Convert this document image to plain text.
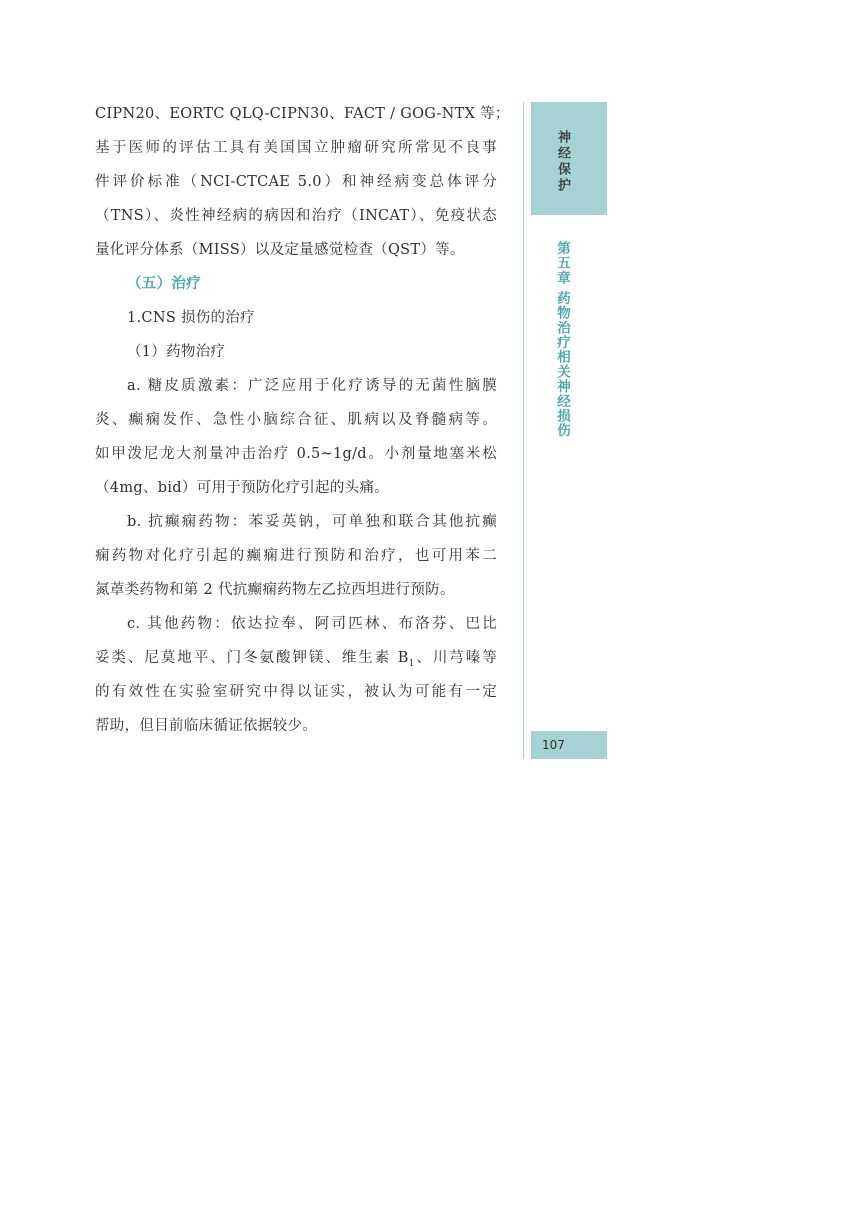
CIPN20、EORTC QLQ-CIPN30、FACT / GOG-NTX 等；
基于医师的评估工具有美国国立肿瘤研究所常见不良事
件评价标准（NCI-CTCAE 5.0）和神经病变总体评分
（TNS）、炎性神经病的病因和治疗（INCAT）、免疫状态
量化评分体系（MISS）以及定量感觉检查（QST）等。
（五）治疗
1.CNS 损伤的治疗
（1）药物治疗
a. 糖皮质激素：广泛应用于化疗诱导的无菌性脑膜
炎、癫痫发作、急性小脑综合征、肌病以及脊髓病等。
如甲泼尼龙大剂量冲击治疗 0.5~1g/d。小剂量地塞米松
（4mg、bid）可用于预防化疗引起的头痛。
b. 抗癫痫药物：苯妥英钠，可单独和联合其他抗癫
痫药物对化疗引起的癫痫进行预防和治疗，也可用苯二
氮䓬类药物和第 2 代抗癫痫药物左乙拉西坦进行预防。
c. 其他药物：依达拉奉、阿司匹林、布洛芬、巴比
妥类、尼莫地平、门冬氨酸钾镁、维生素 $B_1$、川芎嗪等
的有效性在实验室研究中得以证实，被认为可能有一定
帮助，但目前临床循证依据较少。
神经保护
第五章 药物治疗相关神经损伤
107
